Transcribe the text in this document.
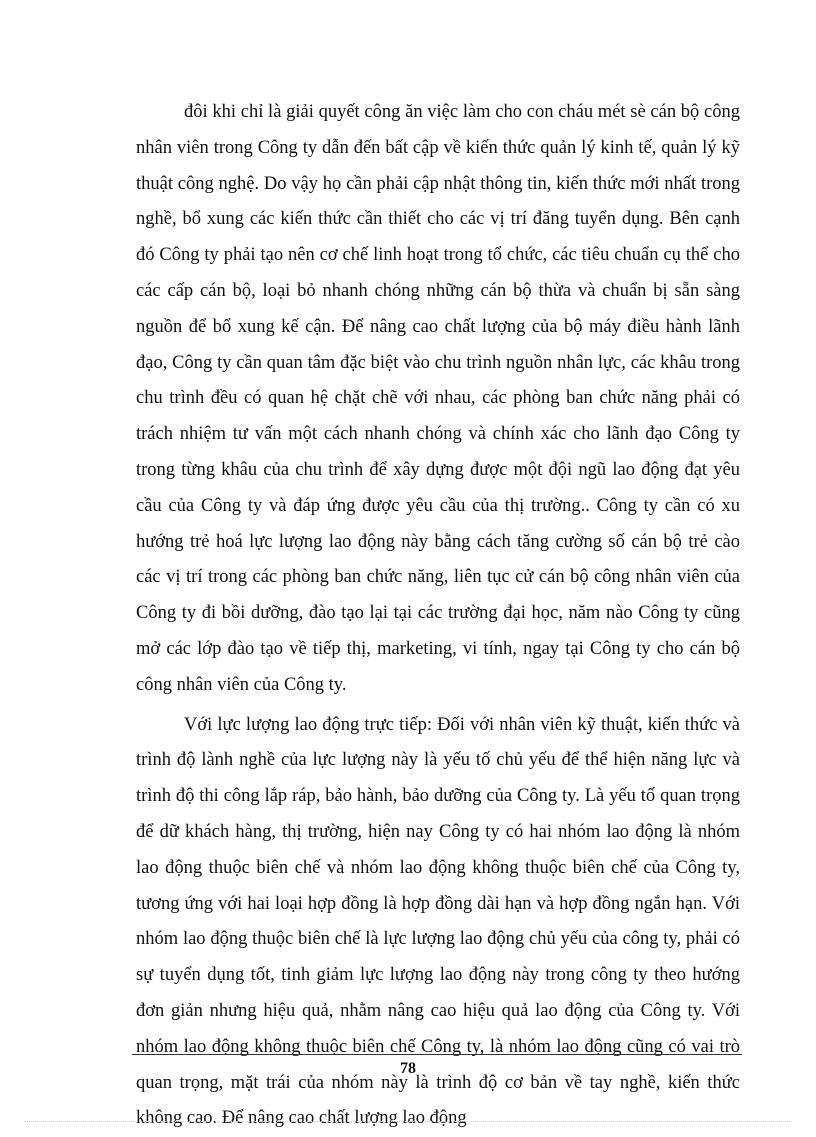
đôi khi chỉ là giải quyết công ăn việc làm cho con cháu mét sè cán bộ công nhân viên trong Công ty dẫn đến bất cập về kiến thức quản lý kinh tế, quản lý kỹ thuật công nghệ. Do vậy họ cần phải cập nhật thông tin, kiến thức mới nhất trong nghề, bổ xung các kiến thức cần thiết cho các vị trí đăng tuyển dụng. Bên cạnh đó Công ty phải tạo nên cơ chế linh hoạt trong tổ chức, các tiêu chuẩn cụ thể cho các cấp cán bộ, loại bỏ nhanh chóng những cán bộ thừa và chuẩn bị sẵn sàng nguồn để bổ xung kế cận. Để nâng cao chất lượng của bộ máy điều hành lãnh đạo, Công ty cần quan tâm đặc biệt vào chu trình nguồn nhân lực, các khâu trong chu trình đều có quan hệ chặt chẽ với nhau, các phòng ban chức năng phải có trách nhiệm tư vấn một cách nhanh chóng và chính xác cho lãnh đạo Công ty trong từng khâu của chu trình để xây dựng được một đội ngũ lao động đạt yêu cầu của Công ty và đáp ứng được yêu cầu của thị trường.. Công ty cần có xu hướng trẻ hoá lực lượng lao động này bằng cách tăng cường số cán bộ trẻ cào các vị trí trong các phòng ban chức năng, liên tục cử cán bộ công nhân viên của Công ty đi bồi dưỡng, đào tạo lại tại các trường đại học, năm nào Công ty cũng mở các lớp đào tạo về tiếp thị, marketing, vi tính, ngay tại Công ty cho cán bộ công nhân viên của Công ty.

Với lực lượng lao động trực tiếp: Đối với nhân viên kỹ thuật, kiến thức và trình độ lành nghề của lực lượng này là yếu tố chủ yếu để thể hiện năng lực và trình độ thi công lắp ráp, bảo hành, bảo dưỡng của Công ty. Là yếu tố quan trọng để dữ khách hàng, thị trường, hiện nay Công ty có hai nhóm lao động là nhóm lao động thuộc biên chế và nhóm lao động không thuộc biên chế của Công ty, tương ứng với hai loại hợp đồng là hợp đồng dài hạn và hợp đồng ngắn hạn. Với nhóm lao động thuộc biên chế là lực lượng lao động chủ yếu của công ty, phải có sự tuyển dụng tốt, tinh giảm lực lượng lao động này trong công ty theo hướng đơn giản nhưng hiệu quả, nhằm nâng cao hiệu quả lao động của Công ty. Với nhóm lao động không thuộc biên chế Công ty, là nhóm lao động cũng có vai trò quan trọng, mặt trái của nhóm này là trình độ cơ bản về tay nghề, kiến thức không cao. Để nâng cao chất lượng lao động

78
